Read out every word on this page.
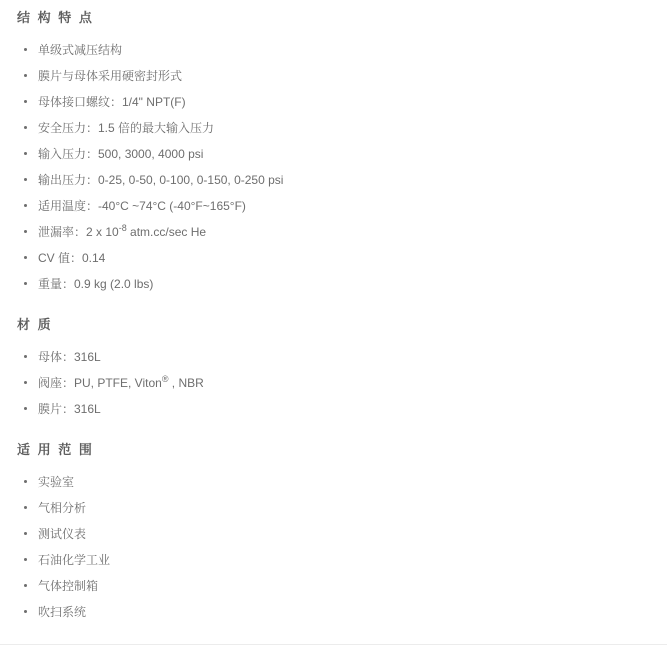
结 构 特 点
单级式减压结构
膜片与母体采用硬密封形式
母体接口螺纹：1/4" NPT(F)
安全压力：1.5 倍的最大输入压力
输入压力：500, 3000, 4000 psi
输出压力：0-25, 0-50, 0-100, 0-150, 0-250 psi
适用温度：-40°C ~74°C (-40°F~165°F)
泄漏率：2 x $10^{-8}$ atm.cc/sec He
CV 值：0.14
重量：0.9 kg (2.0 lbs)
材 质
母体：316L
阀座：PU, PTFE, Viton® , NBR
膜片：316L
适 用 范 围
实验室
气相分析
测试仪表
石油化学工业
气体控制箱
吹扫系统
